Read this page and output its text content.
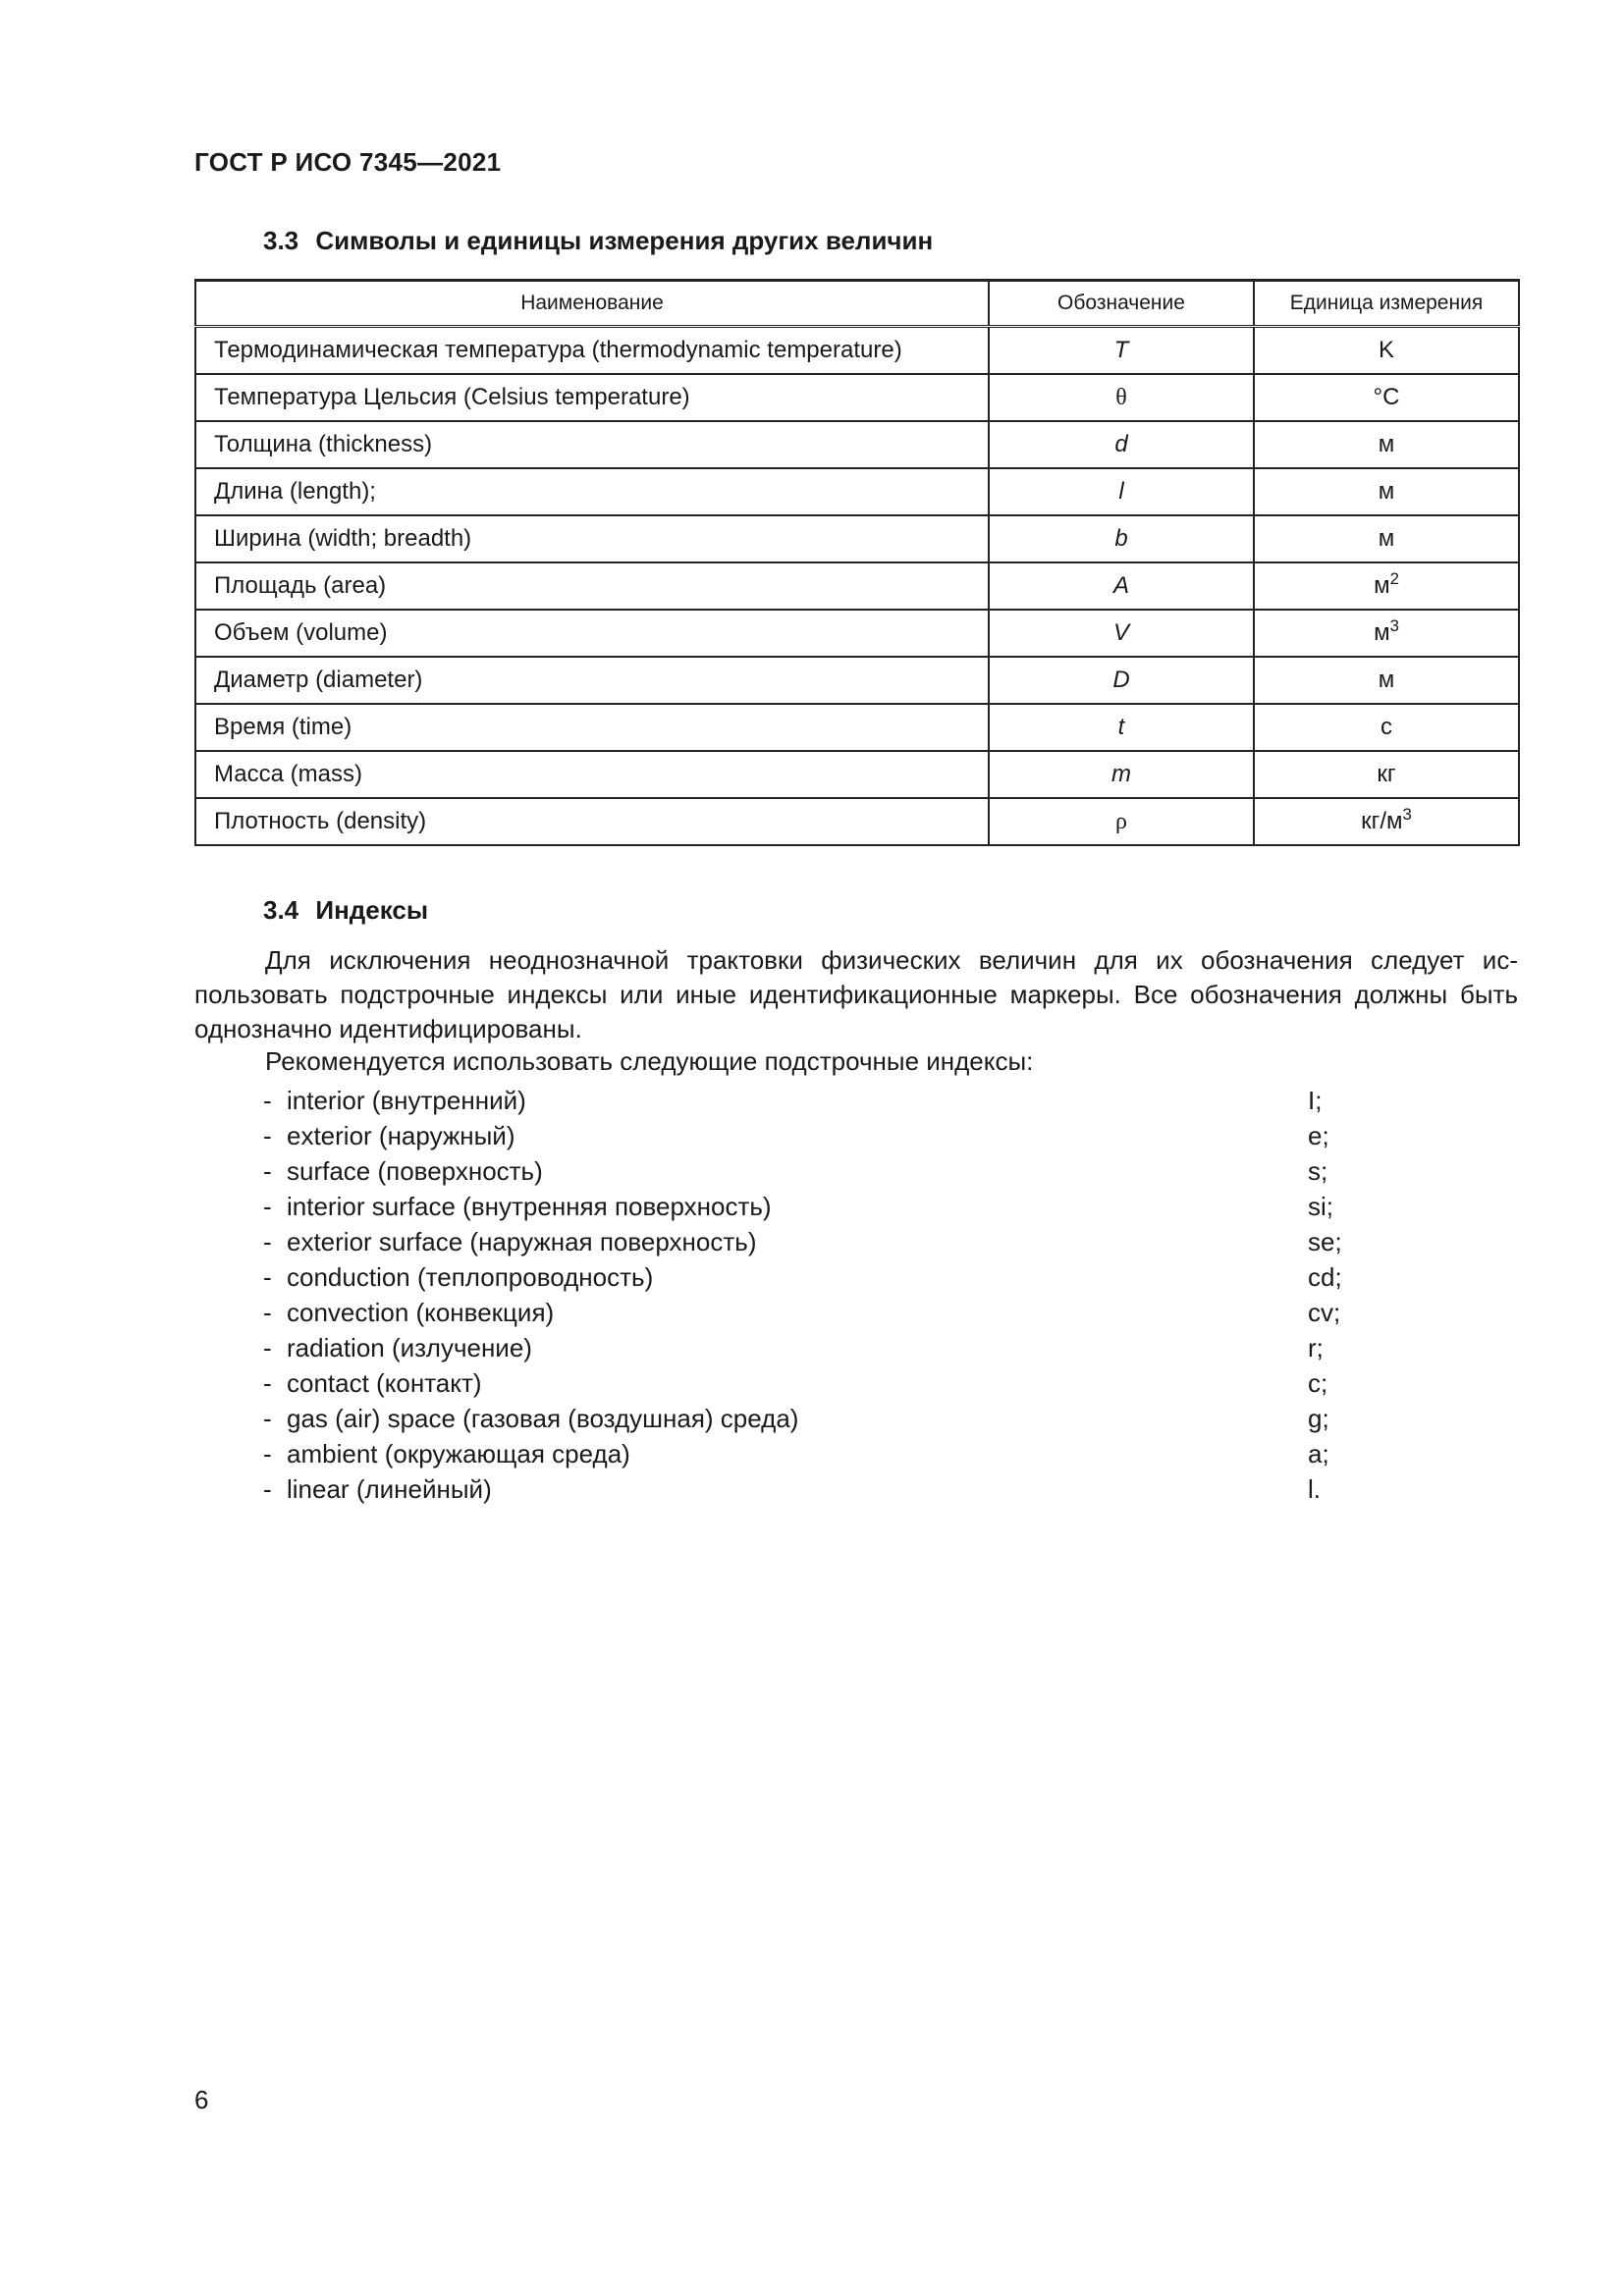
ГОСТ Р ИСО 7345—2021
3.3 Символы и единицы измерения других величин
Наименование	Обозначение	Единица измерения
Термодинамическая температура (thermodynamic temperature)	T	K
Температура Цельсия (Celsius temperature)	θ	°C
Толщина (thickness)	d	м
Длина (length);	l	м
Ширина (width; breadth)	b	м
Площадь (area)	A	$м^2$
Объем (volume)	V	$м^3$
Диаметр (diameter)	D	м
Время (time)	t	с
Масса (mass)	m	кг
Плотность (density)	ρ	$кг/м^3$
3.4 Индексы
Для исключения неоднозначной трактовки физических величин для их обозначения следует ис-пользовать подстрочные индексы или иные идентификационные маркеры. Все обозначения должны быть однозначно идентифицированы.
Рекомендуется использовать следующие подстрочные индексы:
- interior (внутренний)	I;
- exterior (наружный)	e;
- surface (поверхность)	s;
- interior surface (внутренняя поверхность)	si;
- exterior surface (наружная поверхность)	se;
- conduction (теплопроводность)	cd;
- convection (конвекция)	cv;
- radiation (излучение)	r;
- contact (контакт)	c;
- gas (air) space (газовая (воздушная) среда)	g;
- ambient (окружающая среда)	a;
- linear (линейный)	l.
6
